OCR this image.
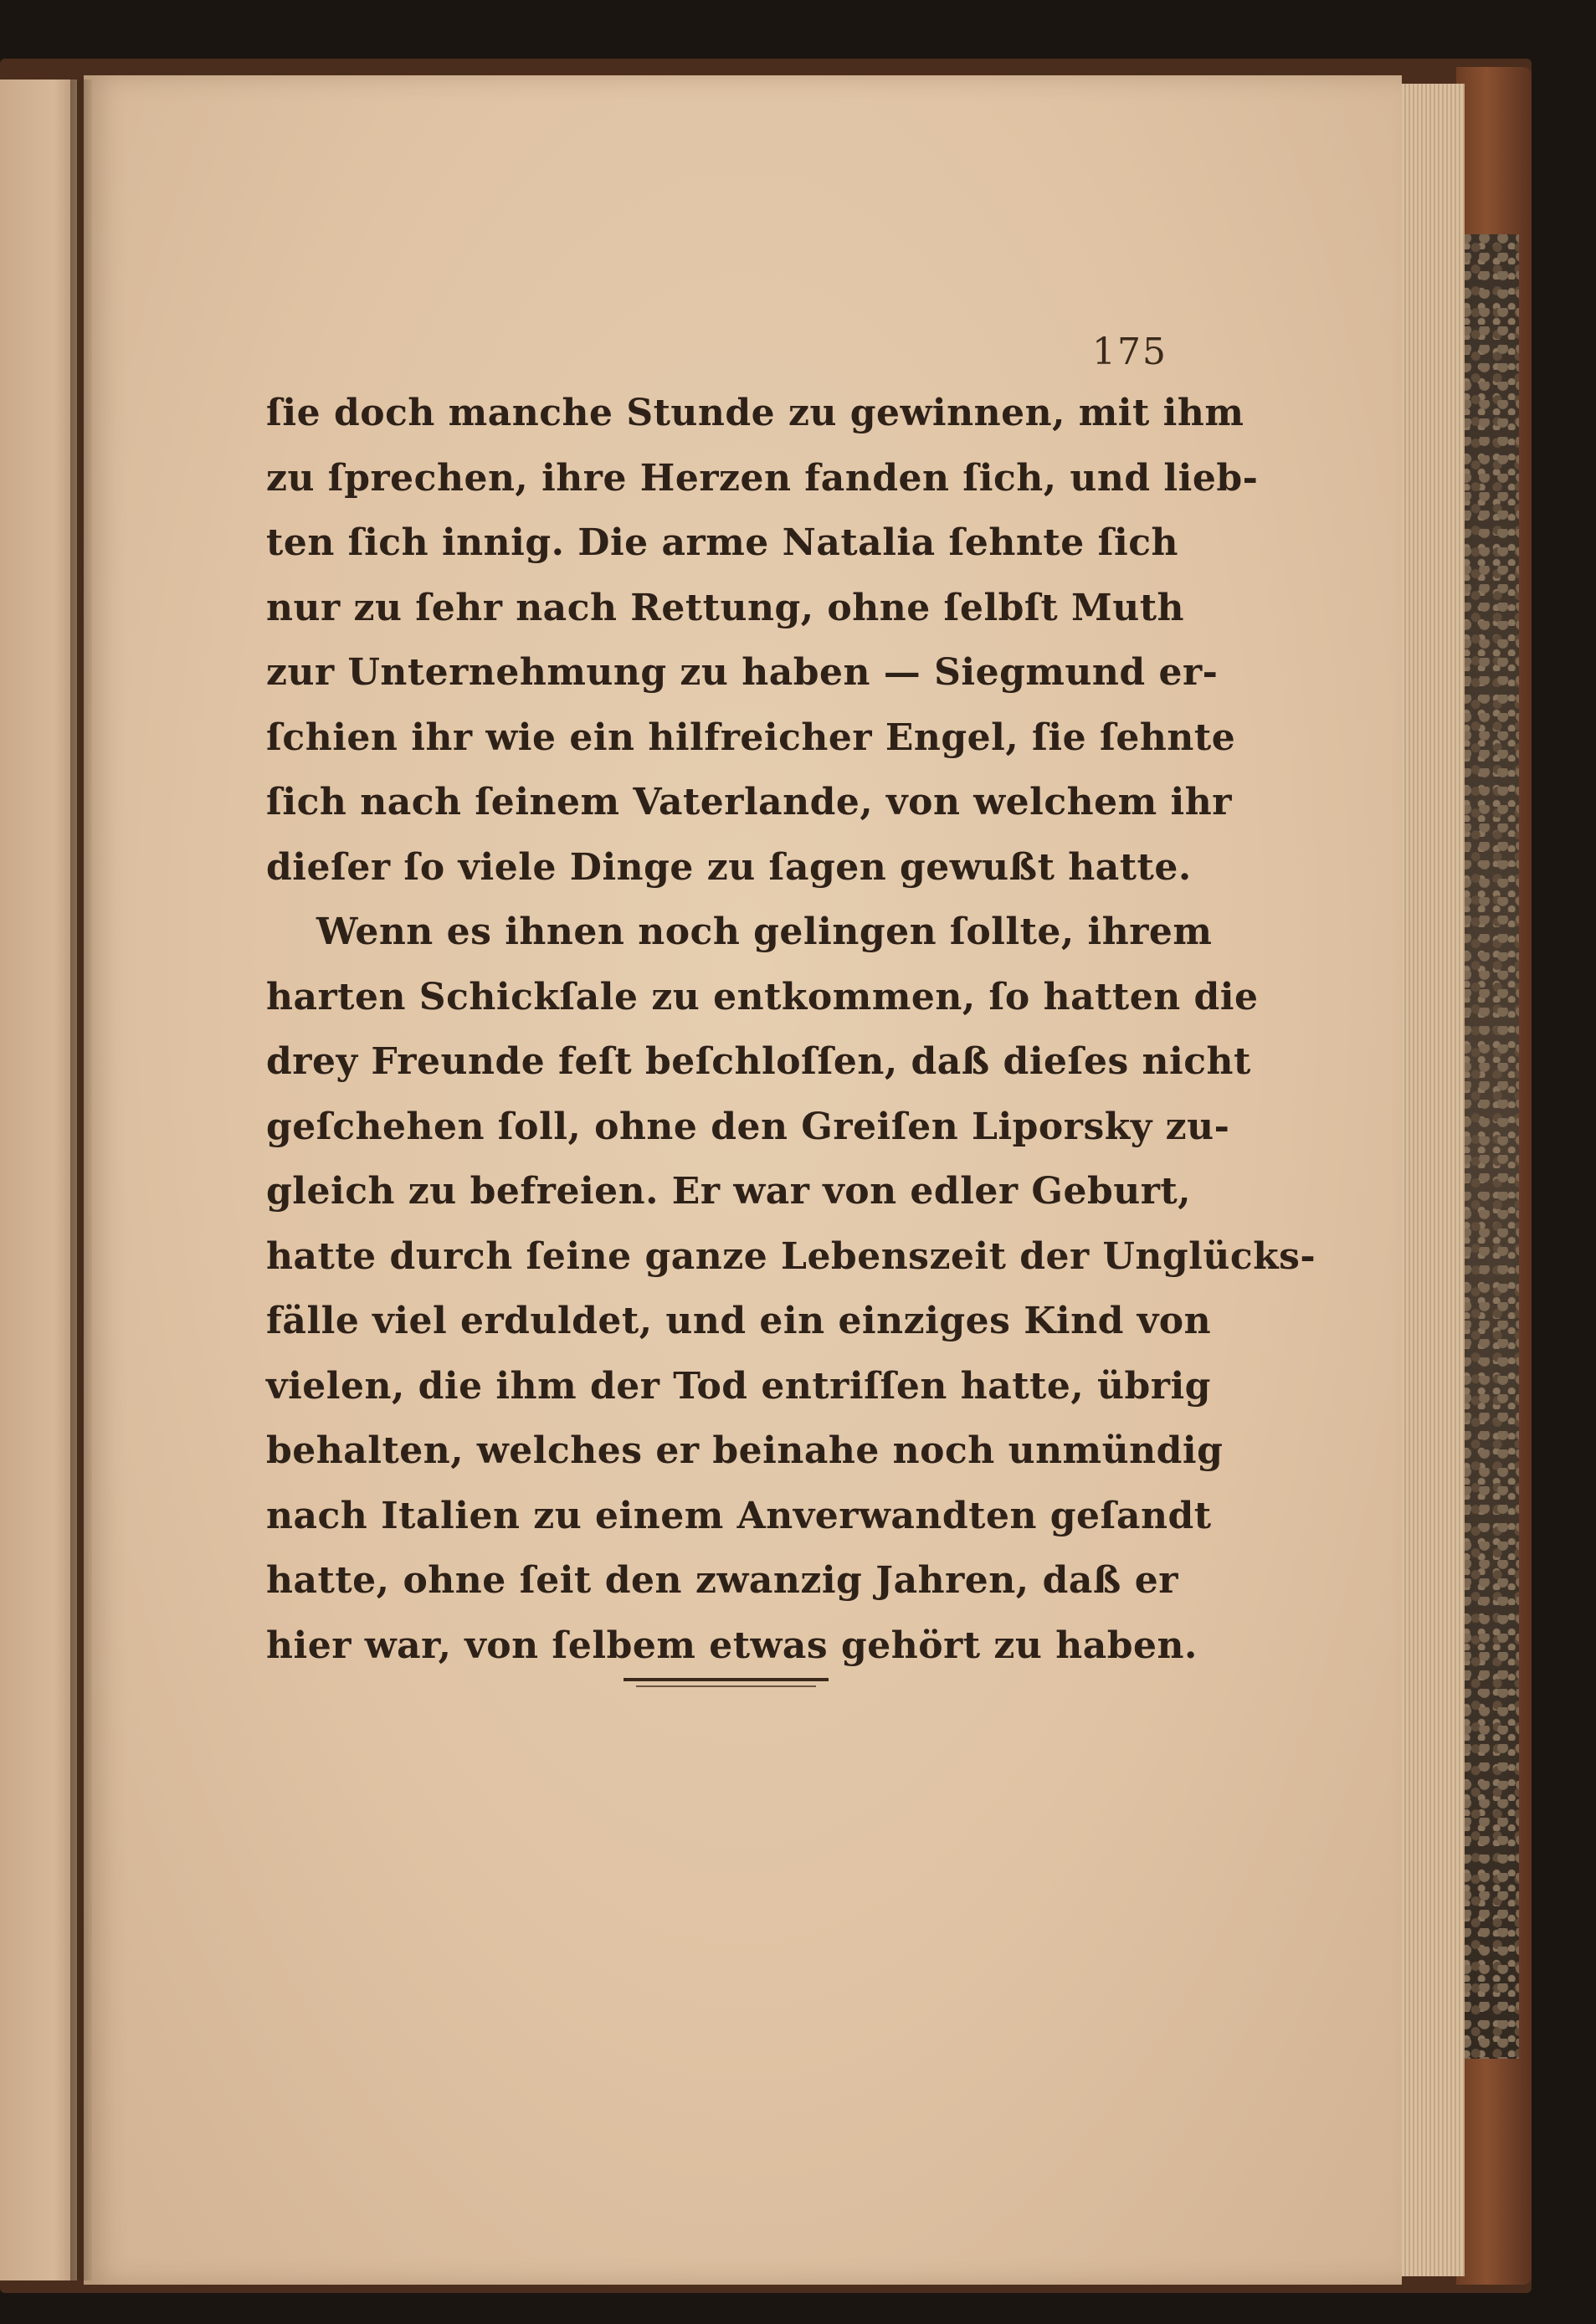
175
ſie doch manche Stunde zu gewinnen, mit ihm
zu ſprechen, ihre Herzen fanden ſich, und lieb-
ten ſich innig. Die arme Natalia ſehnte ſich
nur zu ſehr nach Rettung, ohne ſelbſt Muth
zur Unternehmung zu haben — Siegmund er-
ſchien ihr wie ein hilfreicher Engel, ſie ſehnte
ſich nach ſeinem Vaterlande, von welchem ihr
dieſer ſo viele Dinge zu ſagen gewußt hatte.
Wenn es ihnen noch gelingen ſollte, ihrem
harten Schickſale zu entkommen, ſo hatten die
drey Freunde feſt beſchloſſen, daß dieſes nicht
geſchehen ſoll, ohne den Greiſen Liporsky zu-
gleich zu befreien. Er war von edler Geburt,
hatte durch ſeine ganze Lebenszeit der Unglücks-
fälle viel erduldet, und ein einziges Kind von
vielen, die ihm der Tod entriſſen hatte, übrig
behalten, welches er beinahe noch unmündig
nach Italien zu einem Anverwandten geſandt
hatte, ohne ſeit den zwanzig Jahren, daß er
hier war, von ſelbem etwas gehört zu haben.
